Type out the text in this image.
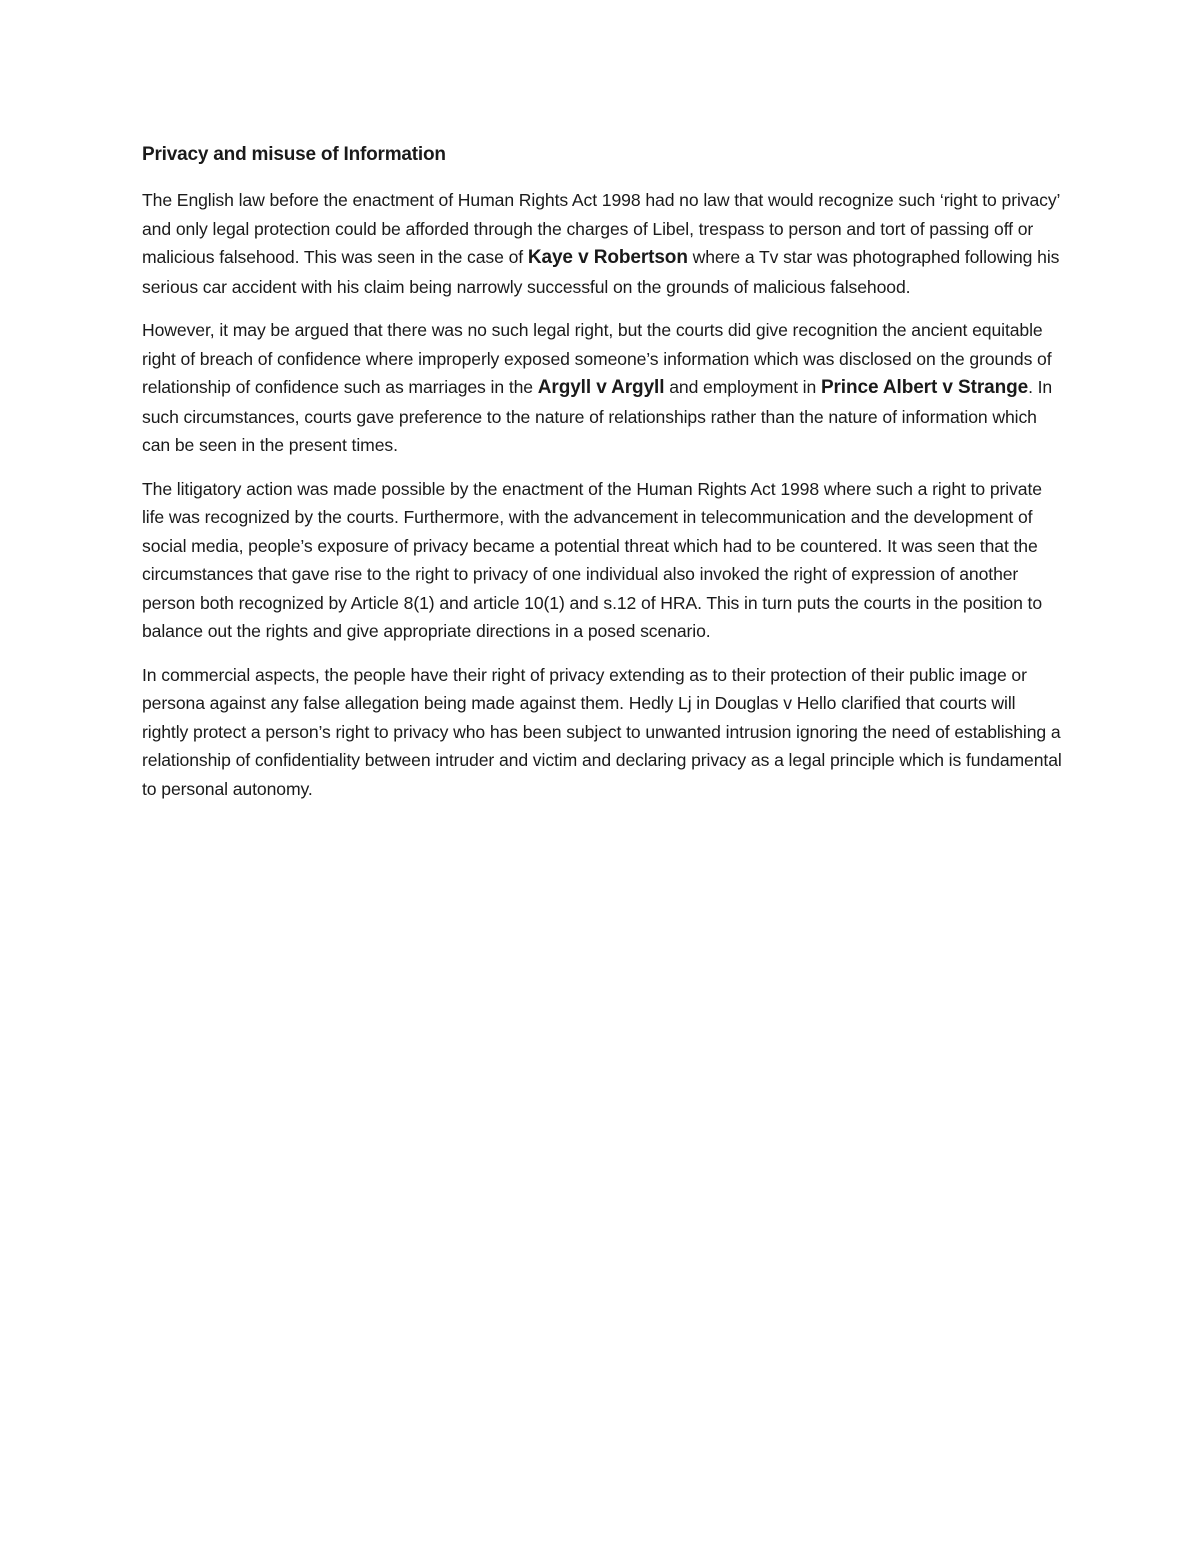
Privacy and misuse of Information

The English law before the enactment of Human Rights Act 1998 had no law that would recognize such ‘right to privacy’ and only legal protection could be afforded through the charges of Libel, trespass to person and tort of passing off or malicious falsehood. This was seen in the case of Kaye v Robertson where a Tv star was photographed following his serious car accident with his claim being narrowly successful on the grounds of malicious falsehood.

However, it may be argued that there was no such legal right, but the courts did give recognition the ancient equitable right of breach of confidence where improperly exposed someone’s information which was disclosed on the grounds of relationship of confidence such as marriages in the Argyll v Argyll and employment in Prince Albert v Strange. In such circumstances, courts gave preference to the nature of relationships rather than the nature of information which can be seen in the present times.

The litigatory action was made possible by the enactment of the Human Rights Act 1998 where such a right to private life was recognized by the courts. Furthermore, with the advancement in telecommunication and the development of social media, people’s exposure of privacy became a potential threat which had to be countered. It was seen that the circumstances that gave rise to the right to privacy of one individual also invoked the right of expression of another person both recognized by Article 8(1) and article 10(1) and s.12 of HRA. This in turn puts the courts in the position to balance out the rights and give appropriate directions in a posed scenario.

In commercial aspects, the people have their right of privacy extending as to their protection of their public image or persona against any false allegation being made against them. Hedly Lj in Douglas v Hello clarified that courts will rightly protect a person’s right to privacy who has been subject to unwanted intrusion ignoring the need of establishing a relationship of confidentiality between intruder and victim and declaring privacy as a legal principle which is fundamental to personal autonomy.
